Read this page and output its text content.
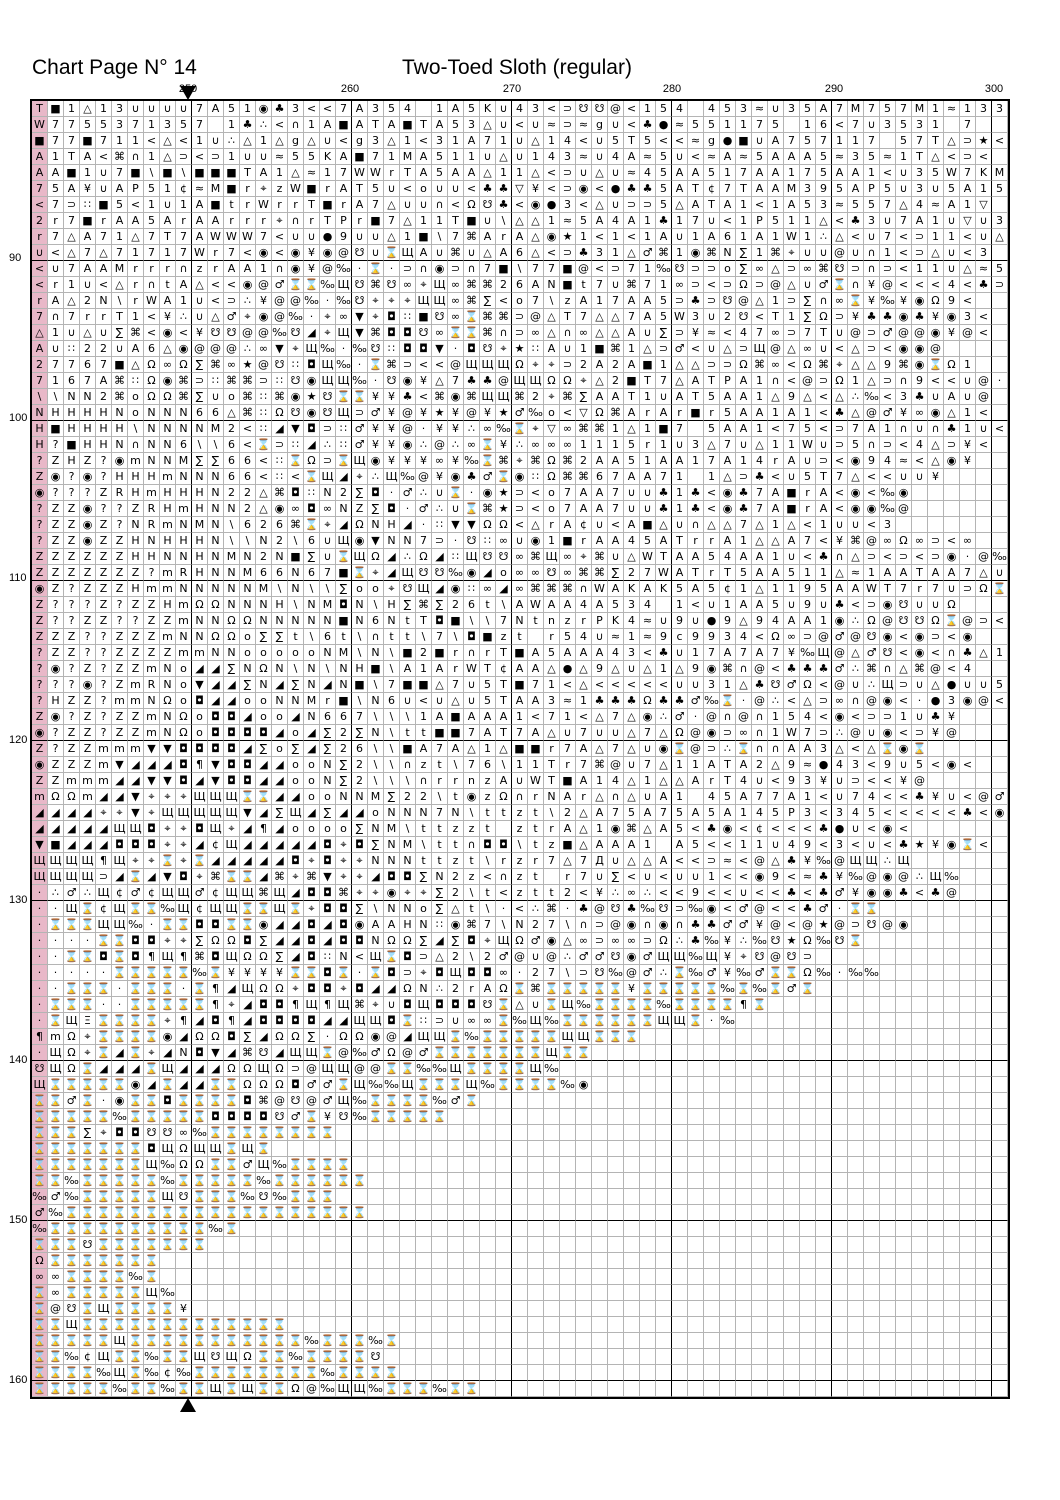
Chart Page N° 14	Two-Toed Sloth (regular)
250	260	270	280	290	300
90
100
110
120
130
140
150
160
T ■ 1 △ 1 3 ∪ ∪ ∪ ∪ 7 A 5 1 ◉ ♣ 3 < < 7 A 3 5 4	1 A 5 K ∪ 4 3 < ⊃ ☋ ☋ @ < 1 5 4	4 5 3 ≈ ∪ 3 5 A 7 M 7 5 7 M 1 ≈ 1 3 3
W 7 7 5 5 3 7 1 3 5 7	1 ♣ ∴ < ∩ 1 A ■ A T A ■ T A 5 3 △ ∪ < ∪ ≈ ⊃ ≈ g ∪ < ♣ ● ≈ 5 5 1 1 7 5	1 6 < 7 ∪ 3 5 3 1	7
■ 7 7 ■ 7 1 1 < △ < 1 ∪ ∴ △ 1 △ g △ ∪ < g 3 △ 1 < 3 1 A 7 1 ∪ △ 1 4 < ∪ 5 T 5 < < ≈ g ● ■ ∪ A 7 5 7 1 1 7	5 7 T △ ⊃ ★ <
A 1 T A < ⌘ ∩ 1 △ ⊃ < ⊃ 1 ∪ ∪ ≈ 5 5 K A ■ 7 1 M A 5 1 1 ∪ △ ∪ 1 4 3 ≈ ∪ 4 A ≈ 5 ∪ < ≈ A ≈ 5 A A A 5 ≈ 3 5 ≈ 1 T △ < ⊃ <
A A ■ 1 ∪ 7 ■ \ ■ \ ■ ■ ■ T A 1 △ ≈ 1 7 W W r T A 5 A A △ 1 1 △ < ⊃ ∪ △ ∪ ≈ 4 5 A A 5 1 7 A A 1 7 5 A A 1 < ∪ 3 5 W 7 K M
7 5 A ¥ ∪ A P 5 1 ¢ ≈ M ■ r ⌖ z W ■ r A T 5 ∪ < o ∪ ∪ < ♣ ♣ ▽ ¥ < ⊃ ◉ < ● ♣ ♣ 5 A T ¢ 7 T A A M 3 9 5 A P 5 ∪ 3 ∪ 5 A 1 5
< 7 ⊃ ∷ ■ 5 < 1 ∪ 1 A ■ t	r W r	r T ■ r A 7 △ ∪ ∪ ∩ < Ω ☋ ♣ < ◉ ● 3 < △ ∪ ⊃ ⊃ 5 △ A T A 1 < 1 A 5 3 ≈ 5 5 7 △ 4 ≈ A 1 ▽
2 r 7 ■ r A A 5 A r A A r	r	r ⌖ ∩ r T P r ■ 7 △ 1 1 T ■ ∪ \ △ △ 1 ≈ 5 A 4 A 1 ♣ 1 7 ∪ < 1 P 5 1 1 △ < ♣ 3 ∪ 7 A 1 ∪ ▽ ∪ 3
r 7 △ A 7 1 △ 7 T 7 A W W W 7 < ∪ ∪ ● 9 ∪ ∪ △ 1 ■ \ 7 ⌘ A r A △ ◉ ★ 1 < 1 < 1 A ∪ 1 A 6 1 A 1 W 1 ∴ △ < ∪ 7 < ⊃ 1 1 < ∪ △
∪ < △ 7 △ 7 1 7 1 7 W r 7 < ◉ < ◉ ¥ ◉ @ ☋ ∪ ⌛ Щ A ∪ ⌘ ∪ △ A 6 △ < ⊃ ♣ 3 1 △ ♂ ⌘ 1 ◉ ⌘ N ∑ 1 ⌘ ⌖ ∪ ∪ @ ∪ ∩ 1 < ⊃ △ ∪ < 3
< ∪ 7 A A M r	r	r ∩ z r A A 1 ∩ ◉ ¥ @ ‰ · ⌛ · ⊃ ∩ ◉ ⊃ ∩ 7 ■ \ 7 7 ■ @ < ⊃ 7 1 ‰ ☋ ⊃ ⊃ o ∑ ∞ △ ⊃ ∞ ⌘ ☋ ⊃ ∩ ⊃ < 1 1 ∪ △ ≈ 5
< r 1 ∪ < △ r ∩ t A △ < < ◉ @ ♂ ⌛ ⌛ ‰ Щ ☋ ⌘ ☋ ∞ ⌖ Щ ∞ ⌘ ⌘ 2 6 A N ■ t 7 ∪ ⌘ 7 1 ∞ ⊃ < ⊃ Ω ⊃ @ △ ∪ ♂ ⌛ ∩ ¥ @ < < < 4 < ♣ ⊃
r A △ 2 N \	r W A 1 ∪ < ⊃ ∴ ¥ @ @ ‰ · ‰ ☋ ⌖ ⌖ ⌖ Щ Щ ∞ ⌘ ∑ < o 7 \	z A 1 7 A A 5 ⊃ ♣ ⊃ ☋ @ △ 1 ⊃ ∑ ∩ ∞ ⌛ ¥ ‰ ¥ ◉ Ω 9 <
7 ∩ 7 r	r T 1 < ¥ ∴ ∪ △ ♂ ⌖ ◉ @ ‰ ·	⌖ ∞ ▼ ⌖ ◘ ∷ ■ ☋ ∞ ⌛ ⌘ ⌘ ⊃ @ △ T 7 △ △ 7 A 5 W 3 ∪ 2 ☋ < T 1 ∑ Ω ⊃ ¥ ♣ ♣ ◉ ♣ ¥ ◉ 3 <
△ 1 ∪ △ ∪ ∑ ⌘ < ◉ < ¥ ☋ ☋ @ @ ‰ ☋ ◢ ⌖ Щ ▼ ⌘ ◘ ◘ ☋ ∞ ⌛ ⌛ ⌘ ∩ ⊃ ∞ △ ∩ ∞ △ △ A ∪ ∑ ⊃ ¥ ≈ < 4 7 ∞ ⊃ 7 T ∪ @ ⊃ ♂ @ @ ◉ ¥ @ <
A ∪ ∷ 2 2 ∪ A 6 △ ◉ @ @ @ ∴ ∞ ▼ ⌖ Щ ‰ · ‰ ☋ ∷ ◘ ◘ ▼ · ◘ ☋ ⌖ ★ ∷ A ∪ 1 ■ ⌘ 1 △ ⊃ ♂ < ∪ △ ⊃ Щ @ △ ∞ ∪ < △ ⊃ < ◉ ◉ @
2 7 7 6 7 ■ △ Ω ∞ Ω ∑ ⌘ ∞ ★ @ ☋ ∷ ◘ Щ ‰ · ⌛ ⌘ ⊃ < < @ Щ Щ Щ Ω ⌖ ⌖ ⊃ 2 A 2 A ■ 1 △ △ ⊃ ⊃ Ω ⌘ ∞ < Ω ⌘ ⌖ △ △ 9 ⌘ ◉ ⌛ Ω 1
7 1 6 7 A ⌘ ∷ Ω ◉ ⌘ ⊃ ∷ ⌘ ⌘ ⊃ ∷ ☋ ◉ Щ Щ ‰ · ☋ ◉ ¥ △ 7 ♣ ♣ @ Щ Щ Ω Ω ⌖ △ 2 ■ T 7 △ A T P A 1 ∩ < @ ⊃ Ω 1 △ ⊃ ∩ 9 < < ∪ @ ·
\	\ N N 2 ⌘ o Ω Ω ⌘ ∑ ∪ o ⌘ ∷ ⌘ ◉ ★ ☋ ⌛ ⌛ ¥ ¥ ♣ < ⌘ ◉ ⌘ Щ Щ ⌘ 2 ⌖ ⌘ ∑ A A T 1 ∪ A T 5 A A 1 △ 9 △ < △ ∴ ‰ < 3 ♣ ∪ A ∪ @
N H H H H N o N N N 6 6 △ ⌘ ∷ Ω ☋ ◉ ☋ Щ ⊃ ♂ ¥ @ ¥ ★ ¥ @ ¥ ★ ♂ ‰ o < ▽ Ω ⌘ A r A r ■ r 5 A A 1 A 1 < ♣ △ @ ♂ ¥ ∞ ◉ △ 1 <
H ■ H H H H \ N N N N M 2 < ∷ ◢ ▼ ◘ ⊃ ∷ ♂ ¥ ¥ @ · ¥ ¥ ∴ ∞ ‰ ⌛ ⌖ ▽ ∞ ⌘ ⌘ 1 △ 1 ■ 7	5 A A 1 < 7 5 < ⊃ 7 A 1 ∩ ∪ ∩ ♣ 1 ∪ <
H ? ■ H H N ∩ N N 6 \	\ 6 < ⌛ ⊃ ∷ ◢ ∴ ∷ ♂ ¥ ¥ ◉ ∴ @ ∴ ∞ ⌛ ¥ ∴ ∞ ∞ ∞ 1 1 1 5 r 1 ∪ 3 △ 7 ∪ △ 1 1 W ∪ ⊃ 5 ∩ ⊃ < 4 △ ⊃ ¥ <
? Z H Z ? ◉ m N N M ∑ ∑ 6 6 < ∷ ⌛ Ω ⊃ ⌛ Щ ◉ ¥ ¥ ¥ ∞ ¥ ‰ ⌛ ⌘ ⌖ ⌘ Ω ⌘ 2 A A 5 1 A A 1 7 A 1 4 r A ∪ ⊃ < ◉ 9 4 ≈ < △ ◉ ¥
Z ◉ ? ◉ ? H H H m N N N 6 6 < ∷ < ⌛ Щ ◢ ⌖ ∴ Щ ‰ @ ¥ ◉ ♣ ♂ ⌛ ◉ ∷ Ω ⌘ ⌘ 6 7 A A 7 1	1 △ ⊃ ♣ < ∪ 5 T 7 △ < < ∪ ∪ ¥
◉ ? ? ? Z R H m H H H N 2 2 △ ⌘ ◘ ∷ N 2 ∑ ◘ · ♂ ∴ ∪ ⌛ · ◉ ★ ⊃ < o 7 A A 7 ∪ ∪ ♣ 1 ♣ < ◉ ♣ 7 A ■ r A < ◉ < ‰ ◉
? Z Z ◉ ? ? Z R H m H N N 2 △ ◉ ∞ ◘ ∞ N Z ∑ ◘ · ♂ ∴ ∪ ⌛ ⌘ ★ ⊃ < o 7 A A 7 ∪ ∪ ♣ 1 ♣ < ◉ ♣ 7 A ■ r A < ◉ ◉ ‰ @
? Z Z ◉ Z ? N R m N M N \ 6 2 6 ⌘ ⌛ ⌖ ◢ Ω N H ◢ · ∷ ▼ ▼ Ω Ω < △ r A ¢ ∪ < A ■ △ ∪ ∩ △ △ 7 △ 1 △ < 1 ∪ ∪ < 3
? Z Z ◉ Z Z H N H H H N \	\ N 2 \ 6 ∪ Щ ◉ ▼ N N 7 ⊃ · ☋ ∷ ∞ ∪ ◉ 1 ■ r A A 4 5 A T r	r A 1 △ △ A 7 < ¥ ⌘ @ ∞ Ω ∞ ⊃ < ∞
Z Z Z Z Z Z H H N N H N M N 2 N ■ ∑ ∪ ⌛ Щ Ω ◢ ∴ Ω ◢ ∷ Щ ☋ ☋ ∞ ⌘ Щ ∞ ⌖ ⌘ ∪ △ W T A A 5 4 A A 1 ∪ < ♣ ∩ △ ⊃ < ⊃ < ⊃ ◉ · @ ‰
Z Z Z Z Z Z Z ? m R H N N M 6 6 N 6 7 ■ ⌛ ⌖ ◢ Щ ☋ ☋ ‰ ◉ ◢ o ∞ ∞ ☋ ∞ ⌘ ⌘ ∑ 2 7 W A T r T 5 A A 5 1 1 △ ≈ 1 A A T A A 7 △ ∪
◉ Z ? Z Z Z H m m N N N N N M \ N \	\ ∑ o o ⌖ ☋ Щ ◢ ◉ ∷ ∞ ◢ ∞ ⌘ ⌘ ⌘ ∩ W A K A K 5 A 5 ¢ 1 △ 1 1 9 5 A A W T 7 r 7 ∪ ⊃ Ω ⌛
Z ? ? ? Z ? Z Z H m Ω Ω N N N H \ N M ◘ N \ H ∑ ⌘ ∑ 2 6 t	\ A W A A 4 A 5 3 4	1 < ∪ 1 A A 5 ∪ 9 ∪ ♣ < ⊃ ◉ ☋ ∪ ∪ Ω
Z ? ? Z Z ? ? Z Z m N N Ω Ω N N N N N ■ N 6 N t T ◘ ■ \	\ 7 N t n z r P K 4 ≈ ∪ 9 ∪ ● 9 △ 9 4 A A 1 ◉ ∴ Ω @ ☋ ☋ Ω ⌛ @ ⊃ <
Z Z Z ? ? Z Z Z m N N Ω Ω o ∑ ∑ t	\ 6 t	\ ∩ t	t	\ 7 \ ◘ ■ z t	r 5 4 ∪ ≈ 1 ≈ 9 c 9 9 3 4 < Ω ∞ ⊃ @ ♂ @ ☋ ◉ < ◉ ⊃ < ◉
? Z Z ? ? Z Z Z Z m m N N o o o o o N M \ N \ ■ 2 ■ r ∩ r T ■ A 5 A A A 4 3 < ♣ ∪ 1 7 A 7 A 7 ¥ ‰ Щ @ △ ♂ ☋ < ◉ < ∩ ♣ △ 1
? ◉ ? Z ? Z Z m N o ◢ ◢ ∑ N Ω N \ N \ N H ■ \ A 1 A r W T ¢ A A △ ● △ 9 △ ∪ △ 1 △ 9 ◉ ⌘ ∩ @ < ♣ ♣ ♣ ♂ ∴ ⌘ ∩ △ ⌘ @ < 4
? ? ? ◉ ? Z m R N o ▼ ◢ ◢ ∑ N ◢ ∑ N ◢ N ■ \ 7 ■ ■ △ 7 ∪ 5 T ■ 7 1 < △ < < < < < ∪ ∪ 3 1 △ ♣ ☋ ♂ Ω < @ ∪ ∴ Щ ⊃ ∪ △ ● ∪ ∪ 5
? H Z Z ? m m N Ω o ◘ ◢ ◢ o o N N M r ■ \ N 6 ∪ < ∪ △ ∪ 5 T A A 3 ≈ 1 ♣ ♣ ♣ Ω ♣ ♣ ♂ ‰ ⌛ · @ ∴ < △ ⊃ ∞ ∩ @ ◉ < · ● 3 ◉ @ <
Z ◉ ? Z ? Z Z m N Ω o ◘ ◘ ◢ o o ◢ N 6 6 7 \	\	\ 1 A ■ A A A 1 < 7 1 < △ 7 △ ◉ ∴ ♂ · @ ∩ @ ∩ 1 5 4 < ◉ < ⊃ ⊃ 1 ∪ ♣ ¥
◉ ? Z Z ? Z Z m N Ω o ◘ ◘ ◘ ◘ ◢ o ◢ ∑ 2 ∑ N \	t	t ■ ■ 7 A T 7 A △ ∪ 7 ∪ ∪ △ 7 △ Ω @ ◉ ⊃ ∞ ∩ 1 W 7 ⊃ ∴ @ ∪ ◉ < ⊃ ¥ @
Z ? Z Z m m m ▼ ▼ ◘ ◘ ◘ ◘ ◢ ∑ o ∑ ◢ ∑ 2 6 \	\ ■ A 7 A △ 1 △ ■ ■ r 7 A △ 7 △ ∪ ◉ ⌛ @ ⊃ ∴ ⌛ ∩ ∩ A A 3 △ < △ ⌛ ◉ ⌛
◉ Z Z Z m ▼ ◢ ◢ ◢ ◘ ¶ ▼ ◘ ◘ ◢ ◢ o o N ∑ 2 \	\ ∩ z t	\ 7 6 \ 1 1 T r 7 ⌘ @ ∪ 7 △ 1 1 A T A 2 △ 9 ≈ ● 4 3 < 9 ∪ 5 < ◉ <
Z Z m m m ◢ ◢ ▼ ▼ ◘ ◢ ▼ ◘ ◘ ◢ ◢ o o N ∑ 2 \	\	\ ∩ r	r n z A ∪ W T ■ A 1 4 △ 1 △ △ A r T 4 ∪ < 9 3 ¥ ∪ ⊃ < < ¥ @
m Ω Ω m ◢ ◢ ▼ ⌖ ⌖ ⌖ Щ Щ Щ ⌛ ⌛ ◢ ◢ o o N N M ∑ 2 2 \	t ◉ z Ω ∩ r N A r △ ∩ △ ∪ A 1	4 5 A 7 7 A 1 < ∪ 7 4 < < ♣ ¥ ∪ < @ ♂
◢ ◢ ◢ ◢ ⌖ ⌖ ▼ ⌖ Щ Щ Щ Щ Щ ▼ ◢ ∑ Щ ◢ ∑ ◢ ◢ o N N N 7 N \	t	t z t	\ 2 △ A 7 5 A 7 5 A 5 A 1 4 5 P 3 < 3 4 5 < < < < < ♣ < ◉
◢ ◢ ◢ ◢ ◢ Щ Щ ◘ ⌖ ⌖ ◘ Щ ⌖ ◢ ¶ ◢ o o o o ∑ N M \	t	t z z t	z t	r A △ 1 ◉ ⌘ △ A 5 < ♣ ◉ < ¢ < < < ♣ ● ∪ < ◉ <
▼ ■ ◢ ◢ ◢ ◘ ◘ ◘ ⌖ ⌖ ◢ ¢ Щ ◢ ◢ ◢ ◢ ◢ ◘ ⌖ ◘ ∑ N M \	t	t ∩ ◘ ◘ \	t z ■ △ A A A 1	A 5 < < 1 1 ∪ 4 9 < 3 < ∪ < ♣ ★ ¥ ◉ ⌛ <
Щ Щ Щ Щ ¶ Щ ⌖ ⌖ ⌛ ⌖ ⌛ ◢ ◢ ◢ ◢ ◢ ◘ ⌖ ◘ ⌖ ⌖ N N N t	t z t	\	r z r 7 △ 7 Д ∪ △ △ A < < ⊃ ≈ < @ △ ♣ ¥ ‰ @ Щ Щ ∴ Щ
Щ Щ Щ Щ ⊃ ◢ ⌛ ◢ ▼ ◘ ⌖ ⌘ ⌛ ⌛ ◢ ⌘ ⌖ ⌘ ▼ ⌖ ⌖ ◢ ◘ ◘ ∑ N 2 z < ∩ z t	r 7 ∪ ∑ < ∪ < ∪ ∪ 1 < < ◉ 9 < ≈ ♣ ¥ ‰ @ ◉ @ ∴ Щ ‰
· ∴ ♂ ∴ Щ ¢ ♂ ¢ Щ Щ ♂ ¢ Щ Щ ⌘ Щ ◢ ◘ ◘ ⌘ ⌖ ⌖ ◉ ⌖ ⌖ ∑ 2 \	t < z t	t 2 < ¥ ∴ ∞ ∴ < < 9 < < ∪ < < ♣ < ♣ ♂ ¥ ◉ ◉ ♣ < ♣ @
·	· Щ ⌛ ¢ Щ ⌛ ⌛ ‰ Щ ¢ Щ Щ ⌛ ⌛ Щ ⌛ ⌖ ◘ ◘ ∑ \ N N o ∑ △ t	\	· < ∴ ⌘ · ♣ @ ☋ ♣ ‰ ☋ ⊃ ‰ ◉ < ♂ @ < < ♣ ♂ · ⌛ ⌛
· ⌛ ⌛ ⌛ Щ Щ ‰ · ⌛ ⌛ ◘ ◘ ⌛ ⌛ ◉ ◢ ◢ ◘ ◢ ◘ ◉ A A H N ∷ ◉ ⌘ 7 \ N 2 7 \ ∩ ⊃ @ ◉ ∩ ◉ ∩ ♣ ♣ ♂ ♂ ¥ @ < @ ★ @ ⊃ ☋ @ ◉
·	·	·	· ⌛ ⌛ ◘ ◘ ⌖ ⌖ ∑ Ω Ω ◘ ∑ ◢ ◢ ◘ ◢ ◘ ◘ N Ω Ω ∑ ◢ ∑ ◘ ⌖ Щ Ω ♂ ◉ △ ∞ ⊃ ∞ ∞ ⊃ Ω ∴ ♣ ‰ ¥ ∴ ‰ ☋ ★ Ω ‰ ☋ ⌛
·	· ⌛ ⌛ ◘ ⌛ ◘ ¶ Щ ¶ ⌘ ◘ Щ Ω Ω ∑ ◢ ◘ ∷ N < Щ ⌛ ◘ ⊃ △ 2 \ 2 ♂ @ ∪ @ ∴ ♂ ♂ ☋ ◉ ♂ Щ Щ ‰ Щ ¥ ⌖ ☋ @ ☋ ⊃
·	·	·	·	· ⌛ ⌛ ⌛ ⌛ ⌛ ‰ ⌛ ¥ ¥ ¥ ¥ ⌛ ⌛ ◘ ⌛ · ⌛ ◘ ⊃ ⌖ ◘ Щ ◘ ◘ ∞ · 2 7 \ ⊃ ☋ ‰ @ ♂ ∴ ⌛ ‰ ♂ ¥ ‰ ♂ ⌛ ⌛ Ω ‰ · ‰ ‰
·	· ⌛ ⌛ ⌛ · ⌛ ⌛ ⌛ · ⌛ ¶ ◢ Щ Ω Ω ⌖ ◘ ◘ ⌖ ◘ ◢ ◢ Ω N ∴ 2 r A Ω ⌛ ⌘ ⌛ ⌛ ⌛ ⌛ ⌛ ¥ ⌛ ⌛ ⌛ ⌛ ⌛ ‰ ⌛ ‰ ⌛ ♂ ⌛
· ⌛ ⌛ ⌛ ·	· ⌛ ⌛ ⌛ ⌛ ⌛ ¶ ⌖ ◢ ◘ ◘ ¶ Щ ¶ Щ ⌘ ⌖ ∪ ◘ Щ ◘ ◘ ◘ ☋ ⌛ △ ∪ ⌛ Щ ‰ ⌛ ⌛ ⌛ ⌛ ‰ ⌛ ⌛ ⌛ ⌛ ¶ ⌛
· ⌛ Щ Ξ ⌛ ⌛ ⌛ ⌛ ⌖ ¶ ◢ ◘ ¶ ◢ ◘ ◘ ◘ ◘ ◢ ◢ Щ Щ ◘ ⌛ ∷ ⊃ ∪ ∞ ∞ ⌛ ‰ Щ ‰ ⌛ ⌛ ⌛ ⌛ ⌛ ⌛ Щ Щ ⌛ · ‰
¶ m Ω ⌖ ⌛ ⌛ ⌛ ⌛ ◉ ◢ Ω Ω ◘ ∑ ◢ Ω Ω ∑ · Ω Ω ◉ @ ◢ Щ Щ ⌛ ‰ ⌛ ⌛ ⌛ ⌛ ⌛ Щ Щ ⌛ ⌛ ⌛
· Щ Ω ⌖ ⌛ ◢ ⌛ ⌖ ◢ N ◘ ▼ ◢ ⌘ ☋ ◢ Щ Щ ⌛ @ ‰ ♂ Ω @ ♂ ⌛ ⌛ ⌛ ⌛ ⌛ ⌛ ⌛ Щ ⌛ ⌛
☋ Щ Ω ⌛ ◢ ◢ ◢ ⌛ Щ ◢ ◢ ◢ Ω Ω Щ Ω ⊃ @ Щ Щ @ @ ⌛ ⌛ ‰ ‰ Щ ⌛ ⌛ ⌛ ⌛ Щ ‰
Щ ⌛ ⌛ ⌛ ⌛ ⌛ ◉ ◢ ⌛ ◢ ◢ ⌛ ⌛ Ω Ω Ω ◘ ♂ ♂ ⌛ Щ ‰ ‰ Щ ⌛ ⌛ ⌛ Щ ‰ ⌛ ⌛ ⌛ ⌛ ‰ ◉
⌛ ⌛ ♂ ⌛ · ◉ ⌛ ⌛ ◘ ⌛ ⌛ ⌛ ⌛ ◘ ⌘ @ ☋ @ ♂ Щ ‰ ⌛ ⌛ ⌛ ⌛ ‰ ♂ ⌛
⌛ ⌛ ⌛ ⌛ ⌛ ‰ ⌛ ⌛ ⌛ ⌛ ⌛ ◘ ◘ ◘ ◘ ☋ ♂ ⌛ ¥ ☋ ‰ ⌛ ⌛ ⌛ ⌛ ⌛
⌛ ⌛ ⌛ ∑ ⌖ ◘ ◘ ☋ ☋ ∞ ‰ ⌛ ⌛ ⌛ ⌛ ⌛ ⌛ ⌛ ⌛
⌛ ⌛ ⌛ ⌛ ⌛ ⌛ ⌛ ◘ Щ Ω Щ Щ ⌛ Щ ⌛
⌛ ⌛ ⌛ ⌛ ⌛ ⌛ ⌛ Щ ‰ Ω Ω ⌛ ⌛ ♂ Щ ‰ ⌛ ⌛ ⌛ ⌛
⌛ ⌛ ‰ ⌛ ⌛ ⌛ ⌛ ⌛ ‰ ⌛ ⌛ ⌛ ⌛ ⌛ ‰ ⌛ ⌛ ⌛ ⌛ ⌛ ⌛
‰ ♂ ‰ ⌛ ⌛ ⌛ ⌛ ⌛ Щ ☋ ⌛ ⌛ ⌛ ‰ ☋ ‰ ⌛ ⌛ ⌛
♂ ‰ ⌛ ⌛ ⌛ ⌛ ⌛ ⌛ ⌛ ⌛ ⌛ ⌛ ⌛ ⌛ ⌛ ⌛ ⌛ ⌛ ⌛ ⌛ ⌛
‰ ⌛ ⌛ ⌛ ⌛ ⌛ ⌛ ⌛ ⌛ ⌛ ⌛ ‰ ⌛
⌛ ⌛ ⌛ ☋ ⌛ ⌛ ⌛ ⌛ ⌛ ⌛ ⌛
Ω ⌛ ⌛ ⌛ ⌛ ⌛ ⌛ ⌛
∞ ∞ ⌛ ⌛ ⌛ ⌛ ‰ ⌛
⌛ ∞ ⌛ ⌛ ⌛ ⌛ ⌛ Щ ‰
⌛ @ ☋ ⌛ Щ ⌛ ⌛ ⌛ ⌛ ¥
⌛ ⌛ Щ ⌛ ⌛ ⌛ ⌛ ⌛ ⌛ ⌛ ⌛ ⌛ ⌛ ⌛ ⌛ ⌛
⌛ ⌛ ⌛ ⌛ ⌛ Щ ⌛ ⌛ ⌛ ⌛ ⌛ ⌛ ⌛ ⌛ ⌛ ⌛ ⌛ ‰ ⌛ ⌛ ⌛ ‰ ⌛
⌛ ⌛ ‰ ¢ Щ ⌛ ⌛ ‰ ⌛ ⌛ Щ ☋ Щ Ω ⌛ ⌛ ‰ ⌛ ⌛ ⌛ ⌛ ☋
⌛ ⌛ ⌛ ⌛ ‰ Щ ⌛ ‰ ¢ ‰ ⌛ ⌛ ⌛ ⌛ ⌛ ⌛ ⌛ ⌛ ‰ ⌛ ⌛ ⌛ ⌛
⌛ ⌛ ⌛ ⌛ ⌛ ‰ ⌛ ⌛ ‰ ⌛ ⌛ Щ ⌛ Щ ⌛ ⌛ Ω @ ‰ Щ Щ ‰ ⌛ ⌛ ⌛ ‰ ⌛ ⌛
